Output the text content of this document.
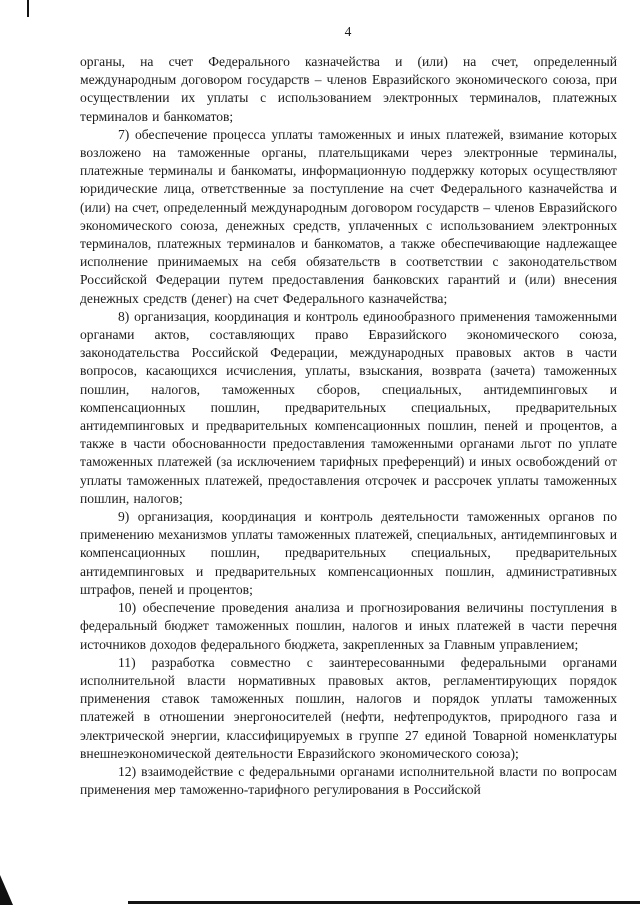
4

органы, на счет Федерального казначейства и (или) на счет, определенный международным договором государств – членов Евразийского экономического союза, при осуществлении их уплаты с использованием электронных терминалов, платежных терминалов и банкоматов;

7) обеспечение процесса уплаты таможенных и иных платежей, взимание которых возложено на таможенные органы, плательщиками через электронные терминалы, платежные терминалы и банкоматы, информационную поддержку которых осуществляют юридические лица, ответственные за поступление на счет Федерального казначейства и (или) на счет, определенный международным договором государств – членов Евразийского экономического союза, денежных средств, уплаченных с использованием электронных терминалов, платежных терминалов и банкоматов, а также обеспечивающие надлежащее исполнение принимаемых на себя обязательств в соответствии с законодательством Российской Федерации путем предоставления банковских гарантий и (или) внесения денежных средств (денег) на счет Федерального казначейства;

8) организация, координация и контроль единообразного применения таможенными органами актов, составляющих право Евразийского экономического союза, законодательства Российской Федерации, международных правовых актов в части вопросов, касающихся исчисления, уплаты, взыскания, возврата (зачета) таможенных пошлин, налогов, таможенных сборов, специальных, антидемпинговых и компенсационных пошлин, предварительных специальных, предварительных антидемпинговых и предварительных компенсационных пошлин, пеней и процентов, а также в части обоснованности предоставления таможенными органами льгот по уплате таможенных платежей (за исключением тарифных преференций) и иных освобождений от уплаты таможенных платежей, предоставления отсрочек и рассрочек уплаты таможенных пошлин, налогов;

9) организация, координация и контроль деятельности таможенных органов по применению механизмов уплаты таможенных платежей, специальных, антидемпинговых и компенсационных пошлин, предварительных специальных, предварительных антидемпинговых и предварительных компенсационных пошлин, административных штрафов, пеней и процентов;

10) обеспечение проведения анализа и прогнозирования величины поступления в федеральный бюджет таможенных пошлин, налогов и иных платежей в части перечня источников доходов федерального бюджета, закрепленных за Главным управлением;

11) разработка совместно с заинтересованными федеральными органами исполнительной власти нормативных правовых актов, регламентирующих порядок применения ставок таможенных пошлин, налогов и порядок уплаты таможенных платежей в отношении энергоносителей (нефти, нефтепродуктов, природного газа и электрической энергии, классифицируемых в группе 27 единой Товарной номенклатуры внешнеэкономической деятельности Евразийского экономического союза);

12) взаимодействие с федеральными органами исполнительной власти по вопросам применения мер таможенно-тарифного регулирования в Российской
